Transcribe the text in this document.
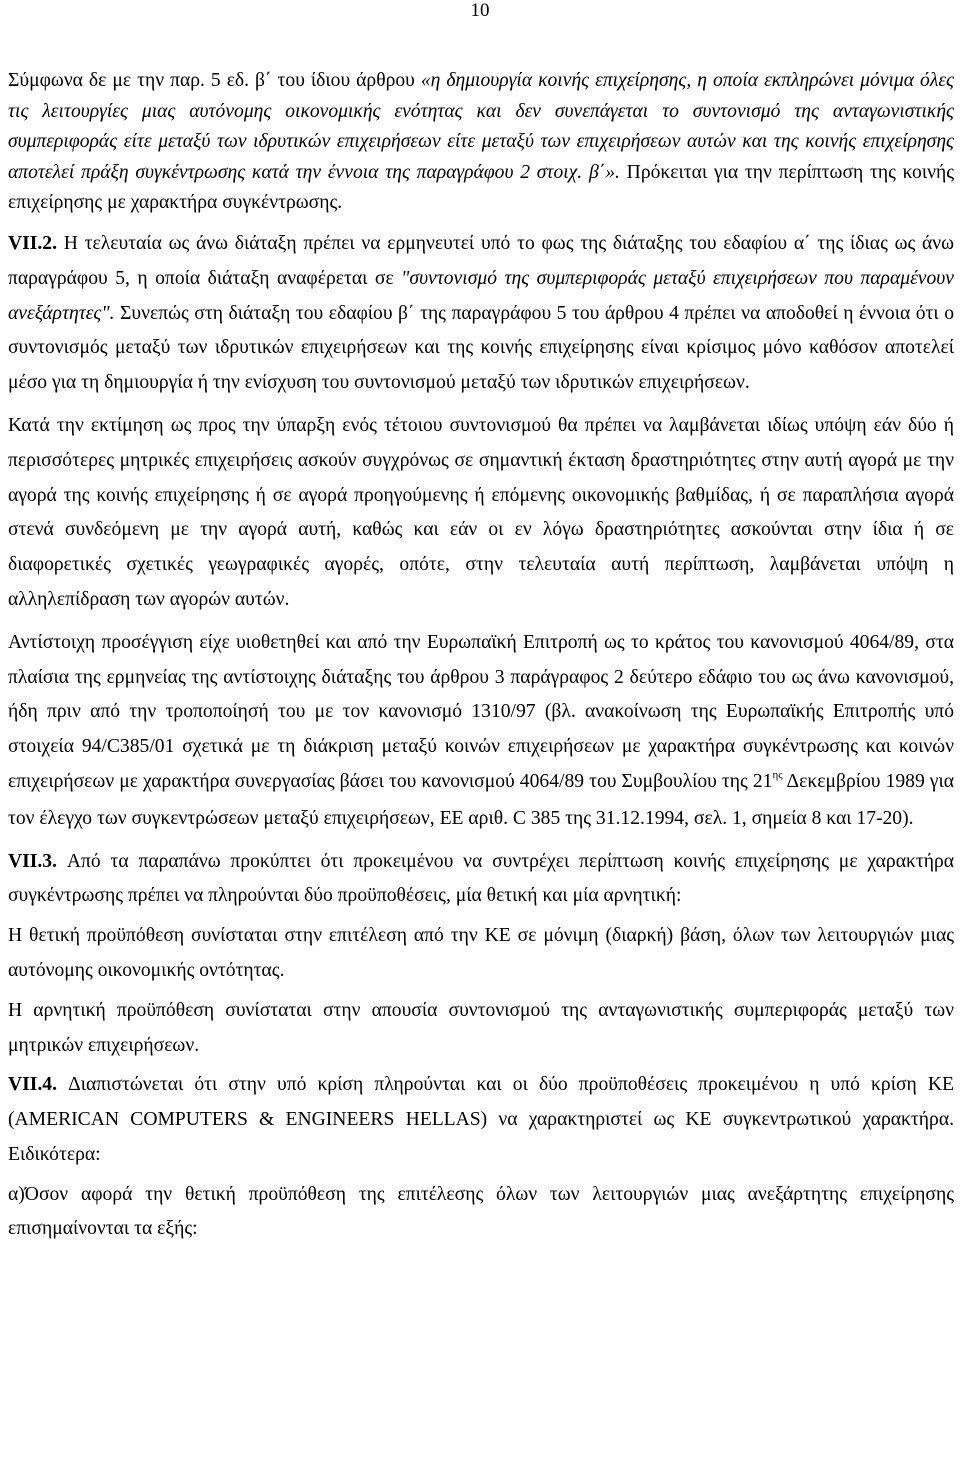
10

Σύμφωνα δε με την παρ. 5 εδ. β΄ του ίδιου άρθρου «η δημιουργία κοινής επιχείρησης, η οποία εκπληρώνει μόνιμα όλες τις λειτουργίες μιας αυτόνομης οικονομικής ενότητας και δεν συνεπάγεται το συντονισμό της ανταγωνιστικής συμπεριφοράς είτε μεταξύ των ιδρυτικών επιχειρήσεων είτε μεταξύ των επιχειρήσεων αυτών και της κοινής επιχείρησης αποτελεί πράξη συγκέντρωσης κατά την έννοια της παραγράφου 2 στοιχ. β΄». Πρόκειται για την περίπτωση της κοινής επιχείρησης με χαρακτήρα συγκέντρωσης.

VII.2. Η τελευταία ως άνω διάταξη πρέπει να ερμηνευτεί υπό το φως της διάταξης του εδαφίου α΄ της ίδιας ως άνω παραγράφου 5, η οποία διάταξη αναφέρεται σε "συντονισμό της συμπεριφοράς μεταξύ επιχειρήσεων που παραμένουν ανεξάρτητες". Συνεπώς στη διάταξη του εδαφίου β΄ της παραγράφου 5 του άρθρου 4 πρέπει να αποδοθεί η έννοια ότι ο συντονισμός μεταξύ των ιδρυτικών επιχειρήσεων και της κοινής επιχείρησης είναι κρίσιμος μόνο καθόσον αποτελεί μέσο για τη δημιουργία ή την ενίσχυση του συντονισμού μεταξύ των ιδρυτικών επιχειρήσεων.

Κατά την εκτίμηση ως προς την ύπαρξη ενός τέτοιου συντονισμού θα πρέπει να λαμβάνεται ιδίως υπόψη εάν δύο ή περισσότερες μητρικές επιχειρήσεις ασκούν συγχρόνως σε σημαντική έκταση δραστηριότητες στην αυτή αγορά με την αγορά της κοινής επιχείρησης ή σε αγορά προηγούμενης ή επόμενης οικονομικής βαθμίδας, ή σε παραπλήσια αγορά στενά συνδεόμενη με την αγορά αυτή, καθώς και εάν οι εν λόγω δραστηριότητες ασκούνται στην ίδια ή σε διαφορετικές σχετικές γεωγραφικές αγορές, οπότε, στην τελευταία αυτή περίπτωση, λαμβάνεται υπόψη η αλληλεπίδραση των αγορών αυτών.

Αντίστοιχη προσέγγιση είχε υιοθετηθεί και από την Ευρωπαϊκή Επιτροπή ως το κράτος του κανονισμού 4064/89, στα πλαίσια της ερμηνείας της αντίστοιχης διάταξης του άρθρου 3 παράγραφος 2 δεύτερο εδάφιο του ως άνω κανονισμού, ήδη πριν από την τροποποίησή του με τον κανονισμό 1310/97 (βλ. ανακοίνωση της Ευρωπαϊκής Επιτροπής υπό στοιχεία 94/C385/01 σχετικά με τη διάκριση μεταξύ κοινών επιχειρήσεων με χαρακτήρα συγκέντρωσης και κοινών επιχειρήσεων με χαρακτήρα συνεργασίας βάσει του κανονισμού 4064/89 του Συμβουλίου της $21^{\eta\varsigma}$ Δεκεμβρίου 1989 για τον έλεγχο των συγκεντρώσεων μεταξύ επιχειρήσεων, ΕΕ αριθ. C 385 της 31.12.1994, σελ. 1, σημεία 8 και 17-20).

VII.3. Από τα παραπάνω προκύπτει ότι προκειμένου να συντρέχει περίπτωση κοινής επιχείρησης με χαρακτήρα συγκέντρωσης πρέπει να πληρούνται δύο προϋποθέσεις, μία θετική και μία αρνητική:

Η θετική προϋπόθεση συνίσταται στην επιτέλεση από την ΚΕ σε μόνιμη (διαρκή) βάση, όλων των λειτουργιών μιας αυτόνομης οικονομικής οντότητας.

Η αρνητική προϋπόθεση συνίσταται στην απουσία συντονισμού της ανταγωνιστικής συμπεριφοράς μεταξύ των μητρικών επιχειρήσεων.

VII.4. Διαπιστώνεται ότι στην υπό κρίση πληρούνται και οι δύο προϋποθέσεις προκειμένου η υπό κρίση ΚΕ (AMERICAN COMPUTERS & ENGINEERS HELLAS) να χαρακτηριστεί ως ΚΕ συγκεντρωτικού χαρακτήρα. Ειδικότερα:

α)Όσον αφορά την θετική προϋπόθεση της επιτέλεσης όλων των λειτουργιών μιας ανεξάρτητης επιχείρησης επισημαίνονται τα εξής:
